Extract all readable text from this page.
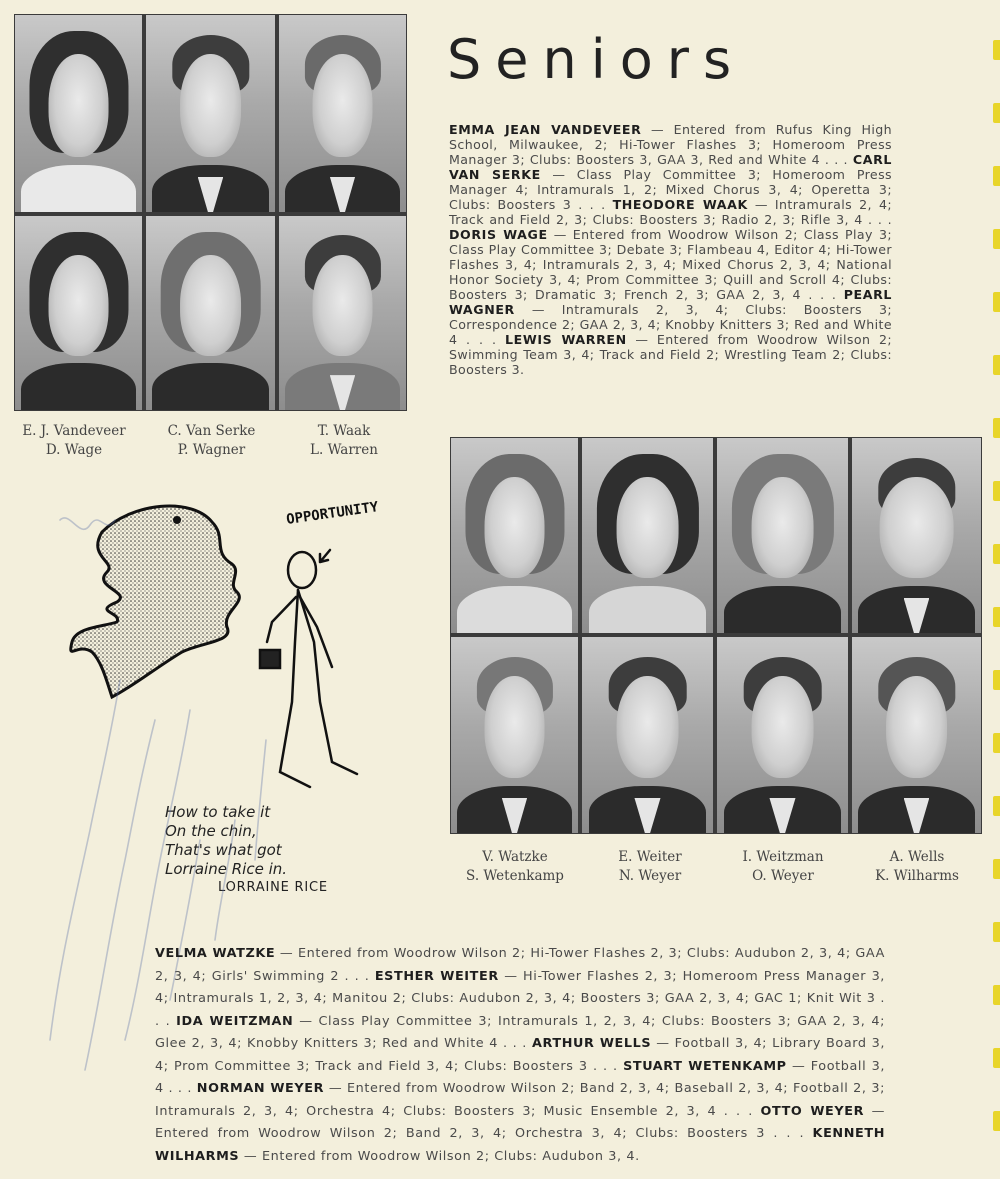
E. J. Vandeveer
D. Wage
C. Van Serke
P. Wagner
T. Waak
L. Warren
Seniors
EMMA JEAN VANDEVEER — Entered from Rufus King High School, Milwaukee, 2; Hi-Tower Flashes 3; Homeroom Press Manager 3; Clubs: Boosters 3, GAA 3, Red and White 4 . . . CARL VAN SERKE — Class Play Committee 3; Homeroom Press Manager 4; Intramurals 1, 2; Mixed Chorus 3, 4; Operetta 3; Clubs: Boosters 3 . . . THEODORE WAAK — Intramurals 2, 4; Track and Field 2, 3; Clubs: Boosters 3; Radio 2, 3; Rifle 3, 4 . . . DORIS WAGE — Entered from Woodrow Wilson 2; Class Play 3; Class Play Committee 3; Debate 3; Flambeau 4, Editor 4; Hi-Tower Flashes 3, 4; Intramurals 2, 3, 4; Mixed Chorus 2, 3, 4; National Honor Society 3, 4; Prom Committee 3; Quill and Scroll 4; Clubs: Boosters 3; Dramatic 3; French 2, 3; GAA 2, 3, 4 . . . PEARL WAGNER — Intramurals 2, 3, 4; Clubs: Boosters 3; Correspondence 2; GAA 2, 3, 4; Knobby Knitters 3; Red and White 4 . . . LEWIS WARREN — Entered from Woodrow Wilson 2; Swimming Team 3, 4; Track and Field 2; Wrestling Team 2; Clubs: Boosters 3.
OPPORTUNITY
How to take it
On the chin,
That's what got
Lorraine Rice in.
LORRAINE RICE
V. Watzke
S. Wetenkamp
E. Weiter
N. Weyer
I. Weitzman
O. Weyer
A. Wells
K. Wilharms
VELMA WATZKE — Entered from Woodrow Wilson 2; Hi-Tower Flashes 2, 3; Clubs: Audubon 2, 3, 4; GAA 2, 3, 4; Girls' Swimming 2 . . . ESTHER WEITER — Hi-Tower Flashes 2, 3; Homeroom Press Manager 3, 4; Intramurals 1, 2, 3, 4; Manitou 2; Clubs: Audubon 2, 3, 4; Boosters 3; GAA 2, 3, 4; GAC 1; Knit Wit 3 . . . IDA WEITZMAN — Class Play Committee 3; Intramurals 1, 2, 3, 4; Clubs: Boosters 3; GAA 2, 3, 4; Glee 2, 3, 4; Knobby Knitters 3; Red and White 4 . . . ARTHUR WELLS — Football 3, 4; Library Board 3, 4; Prom Committee 3; Track and Field 3, 4; Clubs: Boosters 3 . . . STUART WETENKAMP — Football 3, 4 . . . NORMAN WEYER — Entered from Woodrow Wilson 2; Band 2, 3, 4; Baseball 2, 3, 4; Football 2, 3; Intramurals 2, 3, 4; Orchestra 4; Clubs: Boosters 3; Music Ensemble 2, 3, 4 . . . OTTO WEYER — Entered from Woodrow Wilson 2; Band 2, 3, 4; Orchestra 3, 4; Clubs: Boosters 3 . . . KENNETH WILHARMS — Entered from Woodrow Wilson 2; Clubs: Audubon 3, 4.
